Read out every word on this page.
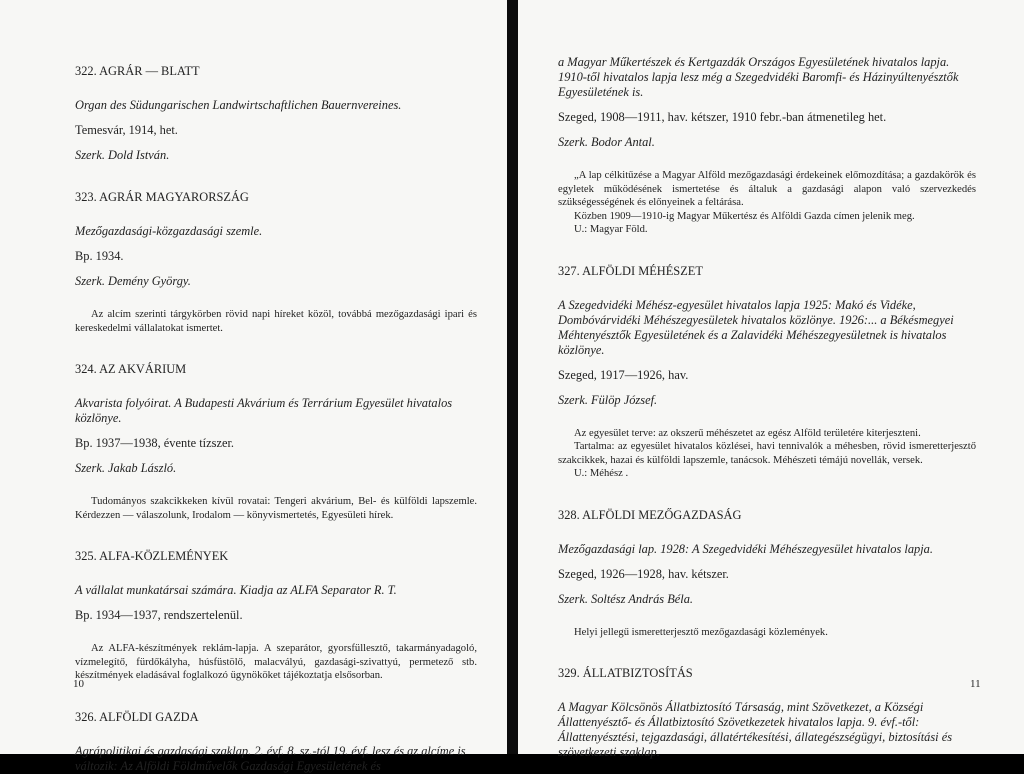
322. AGRÁR — BLATT

Organ des Südungarischen Landwirtschaftlichen Bauernvereines.

Temesvár, 1914, het.

Szerk. Dold István.

323. AGRÁR MAGYARORSZÁG

Mezőgazdasági-közgazdasági szemle.

Bp. 1934.

Szerk. Demény György.

Az alcím szerinti tárgykörben rövid napi híreket közöl, továbbá mezőgazdasági ipari és kereskedelmi vállalatokat ismertet.

324. AZ AKVÁRIUM

Akvarista folyóirat. A Budapesti Akvárium és Terrárium Egyesület hivatalos közlönye.

Bp. 1937—1938, évente tízszer.

Szerk. Jakab László.

Tudományos szakcikkeken kívül rovatai: Tengeri akvárium, Bel- és külföldi lapszemle. Kérdezzen — válaszolunk, Irodalom — könyvismertetés, Egyesületi hírek.

325. ALFA-KÖZLEMÉNYEK

A vállalat munkatársai számára. Kiadja az ALFA Separator R. T.

Bp. 1934—1937, rendszertelenül.

Az ALFA-készítmények reklám-lapja. A szeparátor, gyorsfüllesztő, takarmányadagoló, vízmelegítő, fürdőkályha, húsfüstölő, malacvályú, gazdasági-szivattyú, permetező stb. készítmények eladásával foglalkozó ügynököket tájékoztatja elsősorban.

326. ALFÖLDI GAZDA

Agrápolitikai és gazdasági szaklap. 2. évf. 8. sz.-tól 19. évf. lesz és az alcíme is változik: Az Alföldi Földművelők Gazdasági Egyesületének és

10

a Magyar Műkertészek és Kertgazdák Országos Egyesületének hivatalos lapja. 1910-től hivatalos lapja lesz még a Szegedvidéki Baromfi- és Házinyúltenyésztők Egyesületének is.

Szeged, 1908—1911, hav. kétszer, 1910 febr.-ban átmenetileg het.

Szerk. Bodor Antal.

„A lap célkitűzése a Magyar Alföld mezőgazdasági érdekeinek előmozdítása; a gazdakörök és egyletek működésének ismertetése és általuk a gazdasági alapon való szervezkedés szükségességének és előnyeinek a feltárása.

Közben 1909—1910-ig Magyar Műkertész és Alföldi Gazda címen jelenik meg.

U.: Magyar Föld.

327. ALFÖLDI MÉHÉSZET

A Szegedvidéki Méhész-egyesület hivatalos lapja 1925: Makó és Vidéke, Dombóvárvidéki Méhészegyesületek hivatalos közlönye. 1926:... a Békésmegyei Méhtenyésztők Egyesületének és a Zalavidéki Méhészegyesületnek is hivatalos közlönye.

Szeged, 1917—1926, hav.

Szerk. Fülöp József.

Az egyesület terve: az okszerű méhészetet az egész Alföld területére kiterjeszteni.

Tartalma: az egyesület hivatalos közlései, havi tennivalók a méhesben, rövid ismeretterjesztő szakcikkek, hazai és külföldi lapszemle, tanácsok. Méhészeti témájú novellák, versek.

U.: Méhész .

328. ALFÖLDI MEZŐGAZDASÁG

Mezőgazdasági lap. 1928: A Szegedvidéki Méhészegyesület hivatalos lapja.

Szeged, 1926—1928, hav. kétszer.

Szerk. Soltész András Béla.

Helyi jellegű ismeretterjesztő mezőgazdasági közlemények.

329. ÁLLATBIZTOSÍTÁS

A Magyar Kölcsönös Állatbiztosító Társaság, mint Szövetkezet, a Községi Állattenyésztő- és Állatbiztosító Szövetkezetek hivatalos lapja. 9. évf.-től: Állattenyésztési, tejgazdasági, állatértékesítési, állategészségügyi, biztosítási és szövetkezeti szaklap.

11
